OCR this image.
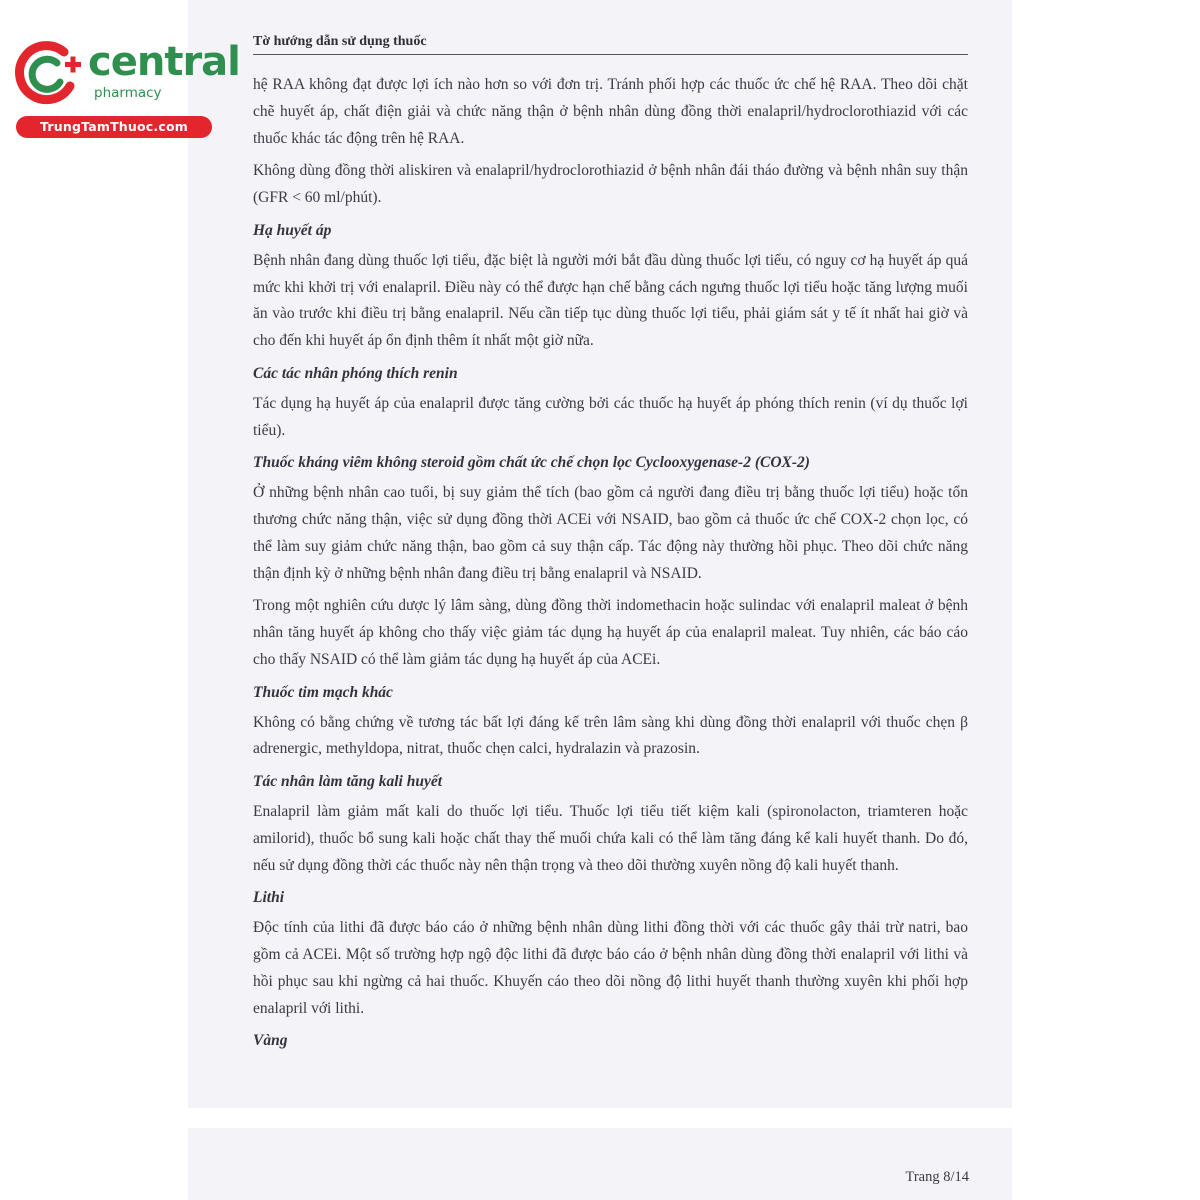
central
pharmacy
TrungTamThuoc.com
Tờ hướng dẫn sử dụng thuốc

hệ RAA không đạt được lợi ích nào hơn so với đơn trị. Tránh phối hợp các thuốc ức chế hệ RAA. Theo dõi chặt chẽ huyết áp, chất điện giải và chức năng thận ở bệnh nhân dùng đồng thời enalapril/hydroclorothiazid với các thuốc khác tác động trên hệ RAA.

Không dùng đồng thời aliskiren và enalapril/hydroclorothiazid ở bệnh nhân đái tháo đường và bệnh nhân suy thận (GFR < 60 ml/phút).

Hạ huyết áp

Bệnh nhân đang dùng thuốc lợi tiểu, đặc biệt là người mới bắt đầu dùng thuốc lợi tiểu, có nguy cơ hạ huyết áp quá mức khi khởi trị với enalapril. Điều này có thể được hạn chế bằng cách ngưng thuốc lợi tiểu hoặc tăng lượng muối ăn vào trước khi điều trị bằng enalapril. Nếu cần tiếp tục dùng thuốc lợi tiểu, phải giám sát y tế ít nhất hai giờ và cho đến khi huyết áp ổn định thêm ít nhất một giờ nữa.

Các tác nhân phóng thích renin

Tác dụng hạ huyết áp của enalapril được tăng cường bởi các thuốc hạ huyết áp phóng thích renin (ví dụ thuốc lợi tiểu).

Thuốc kháng viêm không steroid gồm chất ức chế chọn lọc Cyclooxygenase-2 (COX-2)

Ở những bệnh nhân cao tuổi, bị suy giảm thể tích (bao gồm cả người đang điều trị bằng thuốc lợi tiểu) hoặc tổn thương chức năng thận, việc sử dụng đồng thời ACEi với NSAID, bao gồm cả thuốc ức chế COX-2 chọn lọc, có thể làm suy giảm chức năng thận, bao gồm cả suy thận cấp. Tác động này thường hồi phục. Theo dõi chức năng thận định kỳ ở những bệnh nhân đang điều trị bằng enalapril và NSAID.

Trong một nghiên cứu dược lý lâm sàng, dùng đồng thời indomethacin hoặc sulindac với enalapril maleat ở bệnh nhân tăng huyết áp không cho thấy việc giảm tác dụng hạ huyết áp của enalapril maleat. Tuy nhiên, các báo cáo cho thấy NSAID có thể làm giảm tác dụng hạ huyết áp của ACEi.

Thuốc tim mạch khác

Không có bằng chứng về tương tác bất lợi đáng kể trên lâm sàng khi dùng đồng thời enalapril với thuốc chẹn β adrenergic, methyldopa, nitrat, thuốc chẹn calci, hydralazin và prazosin.

Tác nhân làm tăng kali huyết

Enalapril làm giảm mất kali do thuốc lợi tiểu. Thuốc lợi tiểu tiết kiệm kali (spironolacton, triamteren hoặc amilorid), thuốc bổ sung kali hoặc chất thay thế muối chứa kali có thể làm tăng đáng kể kali huyết thanh. Do đó, nếu sử dụng đồng thời các thuốc này nên thận trọng và theo dõi thường xuyên nồng độ kali huyết thanh.

Lithi

Độc tính của lithi đã được báo cáo ở những bệnh nhân dùng lithi đồng thời với các thuốc gây thải trừ natri, bao gồm cả ACEi. Một số trường hợp ngộ độc lithi đã được báo cáo ở bệnh nhân dùng đồng thời enalapril với lithi và hồi phục sau khi ngừng cả hai thuốc. Khuyến cáo theo dõi nồng độ lithi huyết thanh thường xuyên khi phối hợp enalapril với lithi.

Vàng
Trang 8/14
